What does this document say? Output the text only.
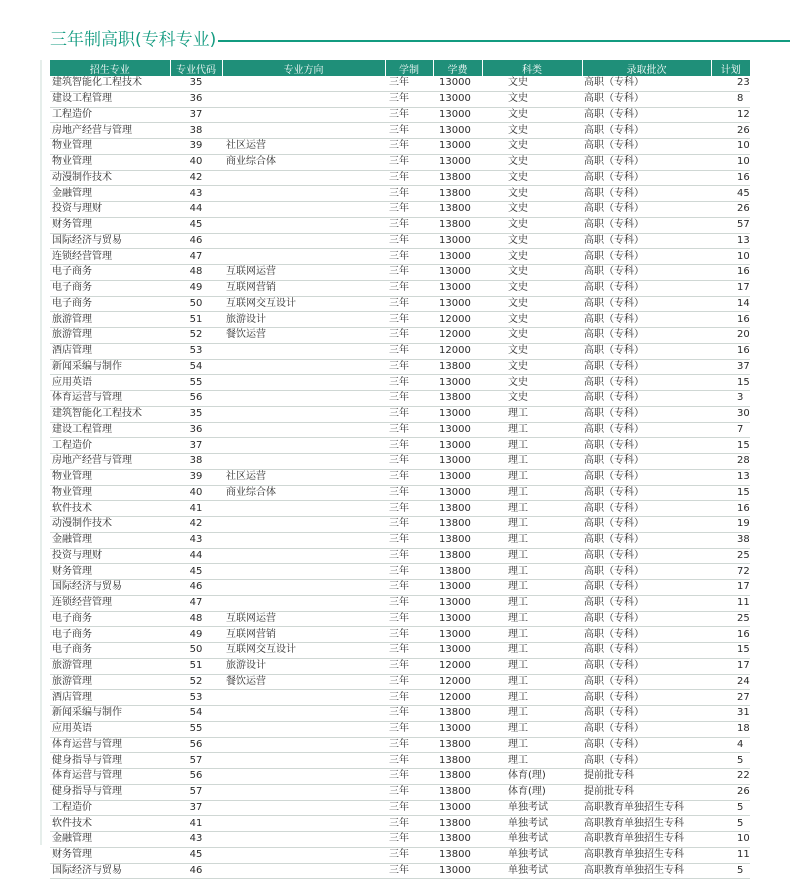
三年制高职(专科专业)
招生专业	专业代码	专业方向	学制	学费	科类	录取批次	计划
建筑智能化工程技术	35		三年	13000	文史	高职（专科）	23
建设工程管理	36		三年	13000	文史	高职（专科）	8
工程造价	37		三年	13000	文史	高职（专科）	12
房地产经营与管理	38		三年	13000	文史	高职（专科）	26
物业管理	39	社区运营	三年	13000	文史	高职（专科）	10
物业管理	40	商业综合体	三年	13000	文史	高职（专科）	10
动漫制作技术	42		三年	13800	文史	高职（专科）	16
金融管理	43		三年	13800	文史	高职（专科）	45
投资与理财	44		三年	13800	文史	高职（专科）	26
财务管理	45		三年	13800	文史	高职（专科）	57
国际经济与贸易	46		三年	13000	文史	高职（专科）	13
连锁经营管理	47		三年	13000	文史	高职（专科）	10
电子商务	48	互联网运营	三年	13000	文史	高职（专科）	16
电子商务	49	互联网营销	三年	13000	文史	高职（专科）	17
电子商务	50	互联网交互设计	三年	13000	文史	高职（专科）	14
旅游管理	51	旅游设计	三年	12000	文史	高职（专科）	16
旅游管理	52	餐饮运营	三年	12000	文史	高职（专科）	20
酒店管理	53		三年	12000	文史	高职（专科）	16
新闻采编与制作	54		三年	13800	文史	高职（专科）	37
应用英语	55		三年	13000	文史	高职（专科）	15
体育运营与管理	56		三年	13800	文史	高职（专科）	3
建筑智能化工程技术	35		三年	13000	理工	高职（专科）	30
建设工程管理	36		三年	13000	理工	高职（专科）	7
工程造价	37		三年	13000	理工	高职（专科）	15
房地产经营与管理	38		三年	13000	理工	高职（专科）	28
物业管理	39	社区运营	三年	13000	理工	高职（专科）	13
物业管理	40	商业综合体	三年	13000	理工	高职（专科）	15
软件技术	41		三年	13800	理工	高职（专科）	16
动漫制作技术	42		三年	13800	理工	高职（专科）	19
金融管理	43		三年	13800	理工	高职（专科）	38
投资与理财	44		三年	13800	理工	高职（专科）	25
财务管理	45		三年	13800	理工	高职（专科）	72
国际经济与贸易	46		三年	13000	理工	高职（专科）	17
连锁经营管理	47		三年	13000	理工	高职（专科）	11
电子商务	48	互联网运营	三年	13000	理工	高职（专科）	25
电子商务	49	互联网营销	三年	13000	理工	高职（专科）	16
电子商务	50	互联网交互设计	三年	13000	理工	高职（专科）	15
旅游管理	51	旅游设计	三年	12000	理工	高职（专科）	17
旅游管理	52	餐饮运营	三年	12000	理工	高职（专科）	24
酒店管理	53		三年	12000	理工	高职（专科）	27
新闻采编与制作	54		三年	13800	理工	高职（专科）	31
应用英语	55		三年	13000	理工	高职（专科）	18
体育运营与管理	56		三年	13800	理工	高职（专科）	4
健身指导与管理	57		三年	13800	理工	高职（专科）	5
体育运营与管理	56		三年	13800	体育(理)	提前批专科	22
健身指导与管理	57		三年	13800	体育(理)	提前批专科	26
工程造价	37		三年	13000	单独考试	高职教育单独招生专科	5
软件技术	41		三年	13800	单独考试	高职教育单独招生专科	5
金融管理	43		三年	13800	单独考试	高职教育单独招生专科	10
财务管理	45		三年	13800	单独考试	高职教育单独招生专科	11
国际经济与贸易	46		三年	13000	单独考试	高职教育单独招生专科	5
